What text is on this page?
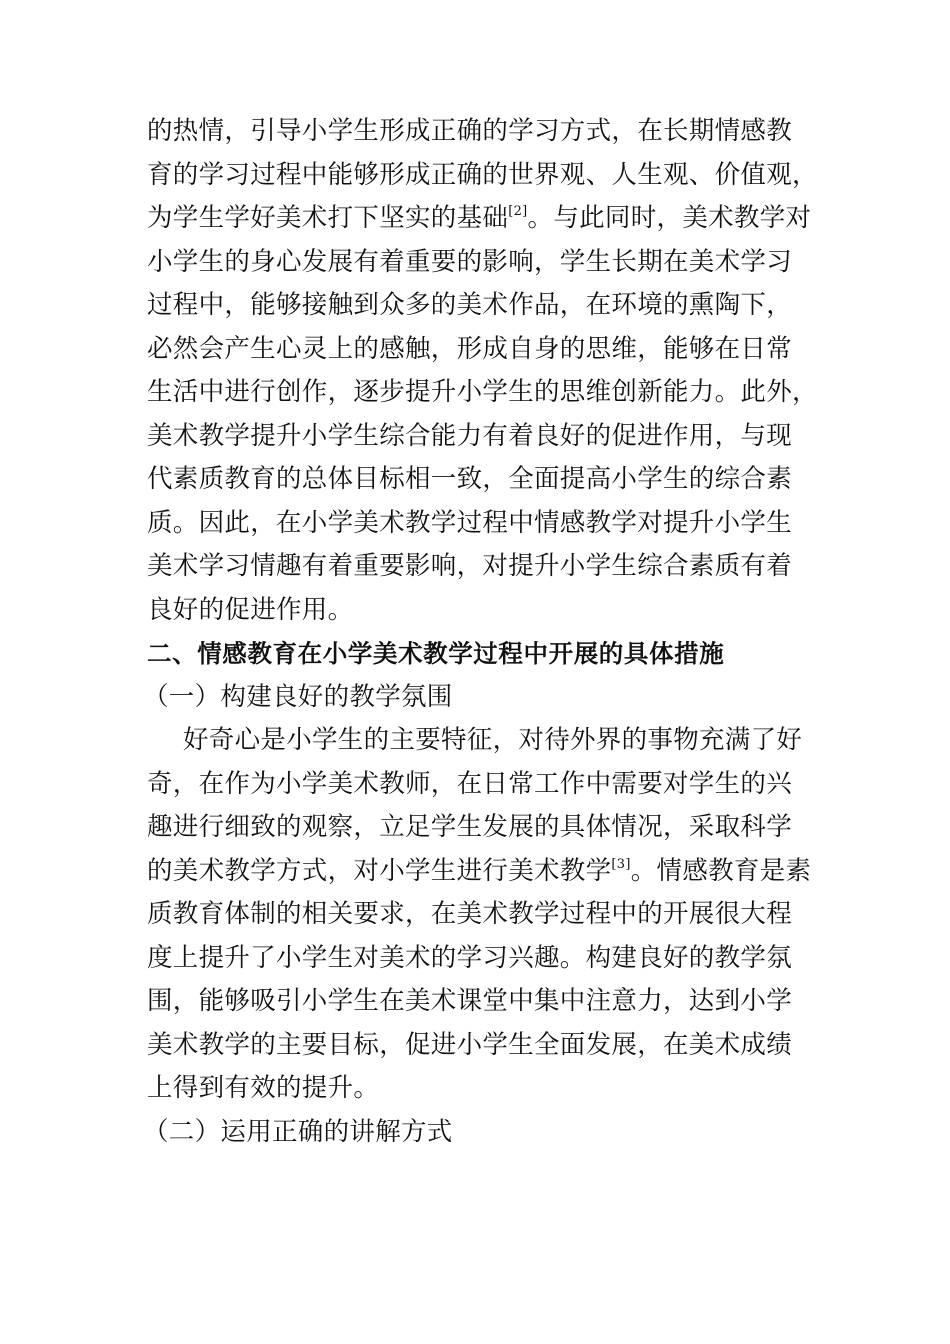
的热情，引导小学生形成正确的学习方式，在长期情感教
育的学习过程中能够形成正确的世界观、人生观、价值观，
为学生学好美术打下坚实的基础[2]。与此同时，美术教学对
小学生的身心发展有着重要的影响，学生长期在美术学习
过程中，能够接触到众多的美术作品，在环境的熏陶下，
必然会产生心灵上的感触，形成自身的思维，能够在日常
生活中进行创作，逐步提升小学生的思维创新能力。此外，
美术教学提升小学生综合能力有着良好的促进作用，与现
代素质教育的总体目标相一致，全面提高小学生的综合素
质。因此，在小学美术教学过程中情感教学对提升小学生
美术学习情趣有着重要影响，对提升小学生综合素质有着
良好的促进作用。
二、情感教育在小学美术教学过程中开展的具体措施
（一）构建良好的教学氛围
好奇心是小学生的主要特征，对待外界的事物充满了好
奇，在作为小学美术教师，在日常工作中需要对学生的兴
趣进行细致的观察，立足学生发展的具体情况，采取科学
的美术教学方式，对小学生进行美术教学[3]。情感教育是素
质教育体制的相关要求，在美术教学过程中的开展很大程
度上提升了小学生对美术的学习兴趣。构建良好的教学氛
围，能够吸引小学生在美术课堂中集中注意力，达到小学
美术教学的主要目标，促进小学生全面发展，在美术成绩
上得到有效的提升。
（二）运用正确的讲解方式
